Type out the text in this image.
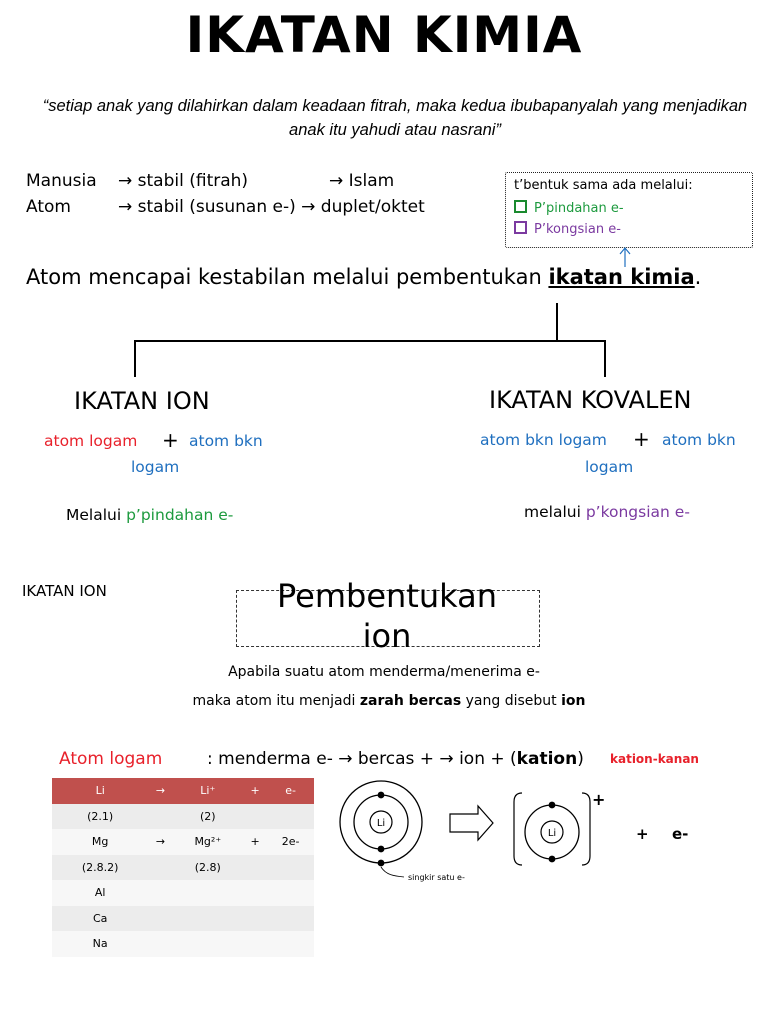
IKATAN KIMIA
“setiap anak yang dilahirkan dalam keadaan fitrah, maka kedua ibubapanyalah yang menjadikan anak itu yahudi atau nasrani”
Manusia → stabil (fitrah)	→ Islam
Atom	→ stabil (susunan e-) → duplet/oktet
t’bentuk sama ada melalui:
P’pindahan e-
P’kongsian e-
Atom mencapai kestabilan melalui pembentukan ikatan kimia.
IKATAN ION
atom logam + atom bkn
logam
Melalui p’pindahan e-
IKATAN KOVALEN
atom bkn logam + atom bkn
logam
melalui p’kongsian e-
IKATAN ION	Pembentukan
ion
Apabila suatu atom menderma/menerima e-
maka atom itu menjadi zarah bercas yang disebut ion
Atom logam	: menderma e- → bercas + → ion + (kation) kation-kanan
Li	→	Li⁺	+	e-
(2.1)		(2)		
Mg	→	Mg²⁺	+	2e-
(2.8.2)		(2.8)		
Al				
Ca				
Na				
Li
singkir satu e-
Li
+
+ e-
